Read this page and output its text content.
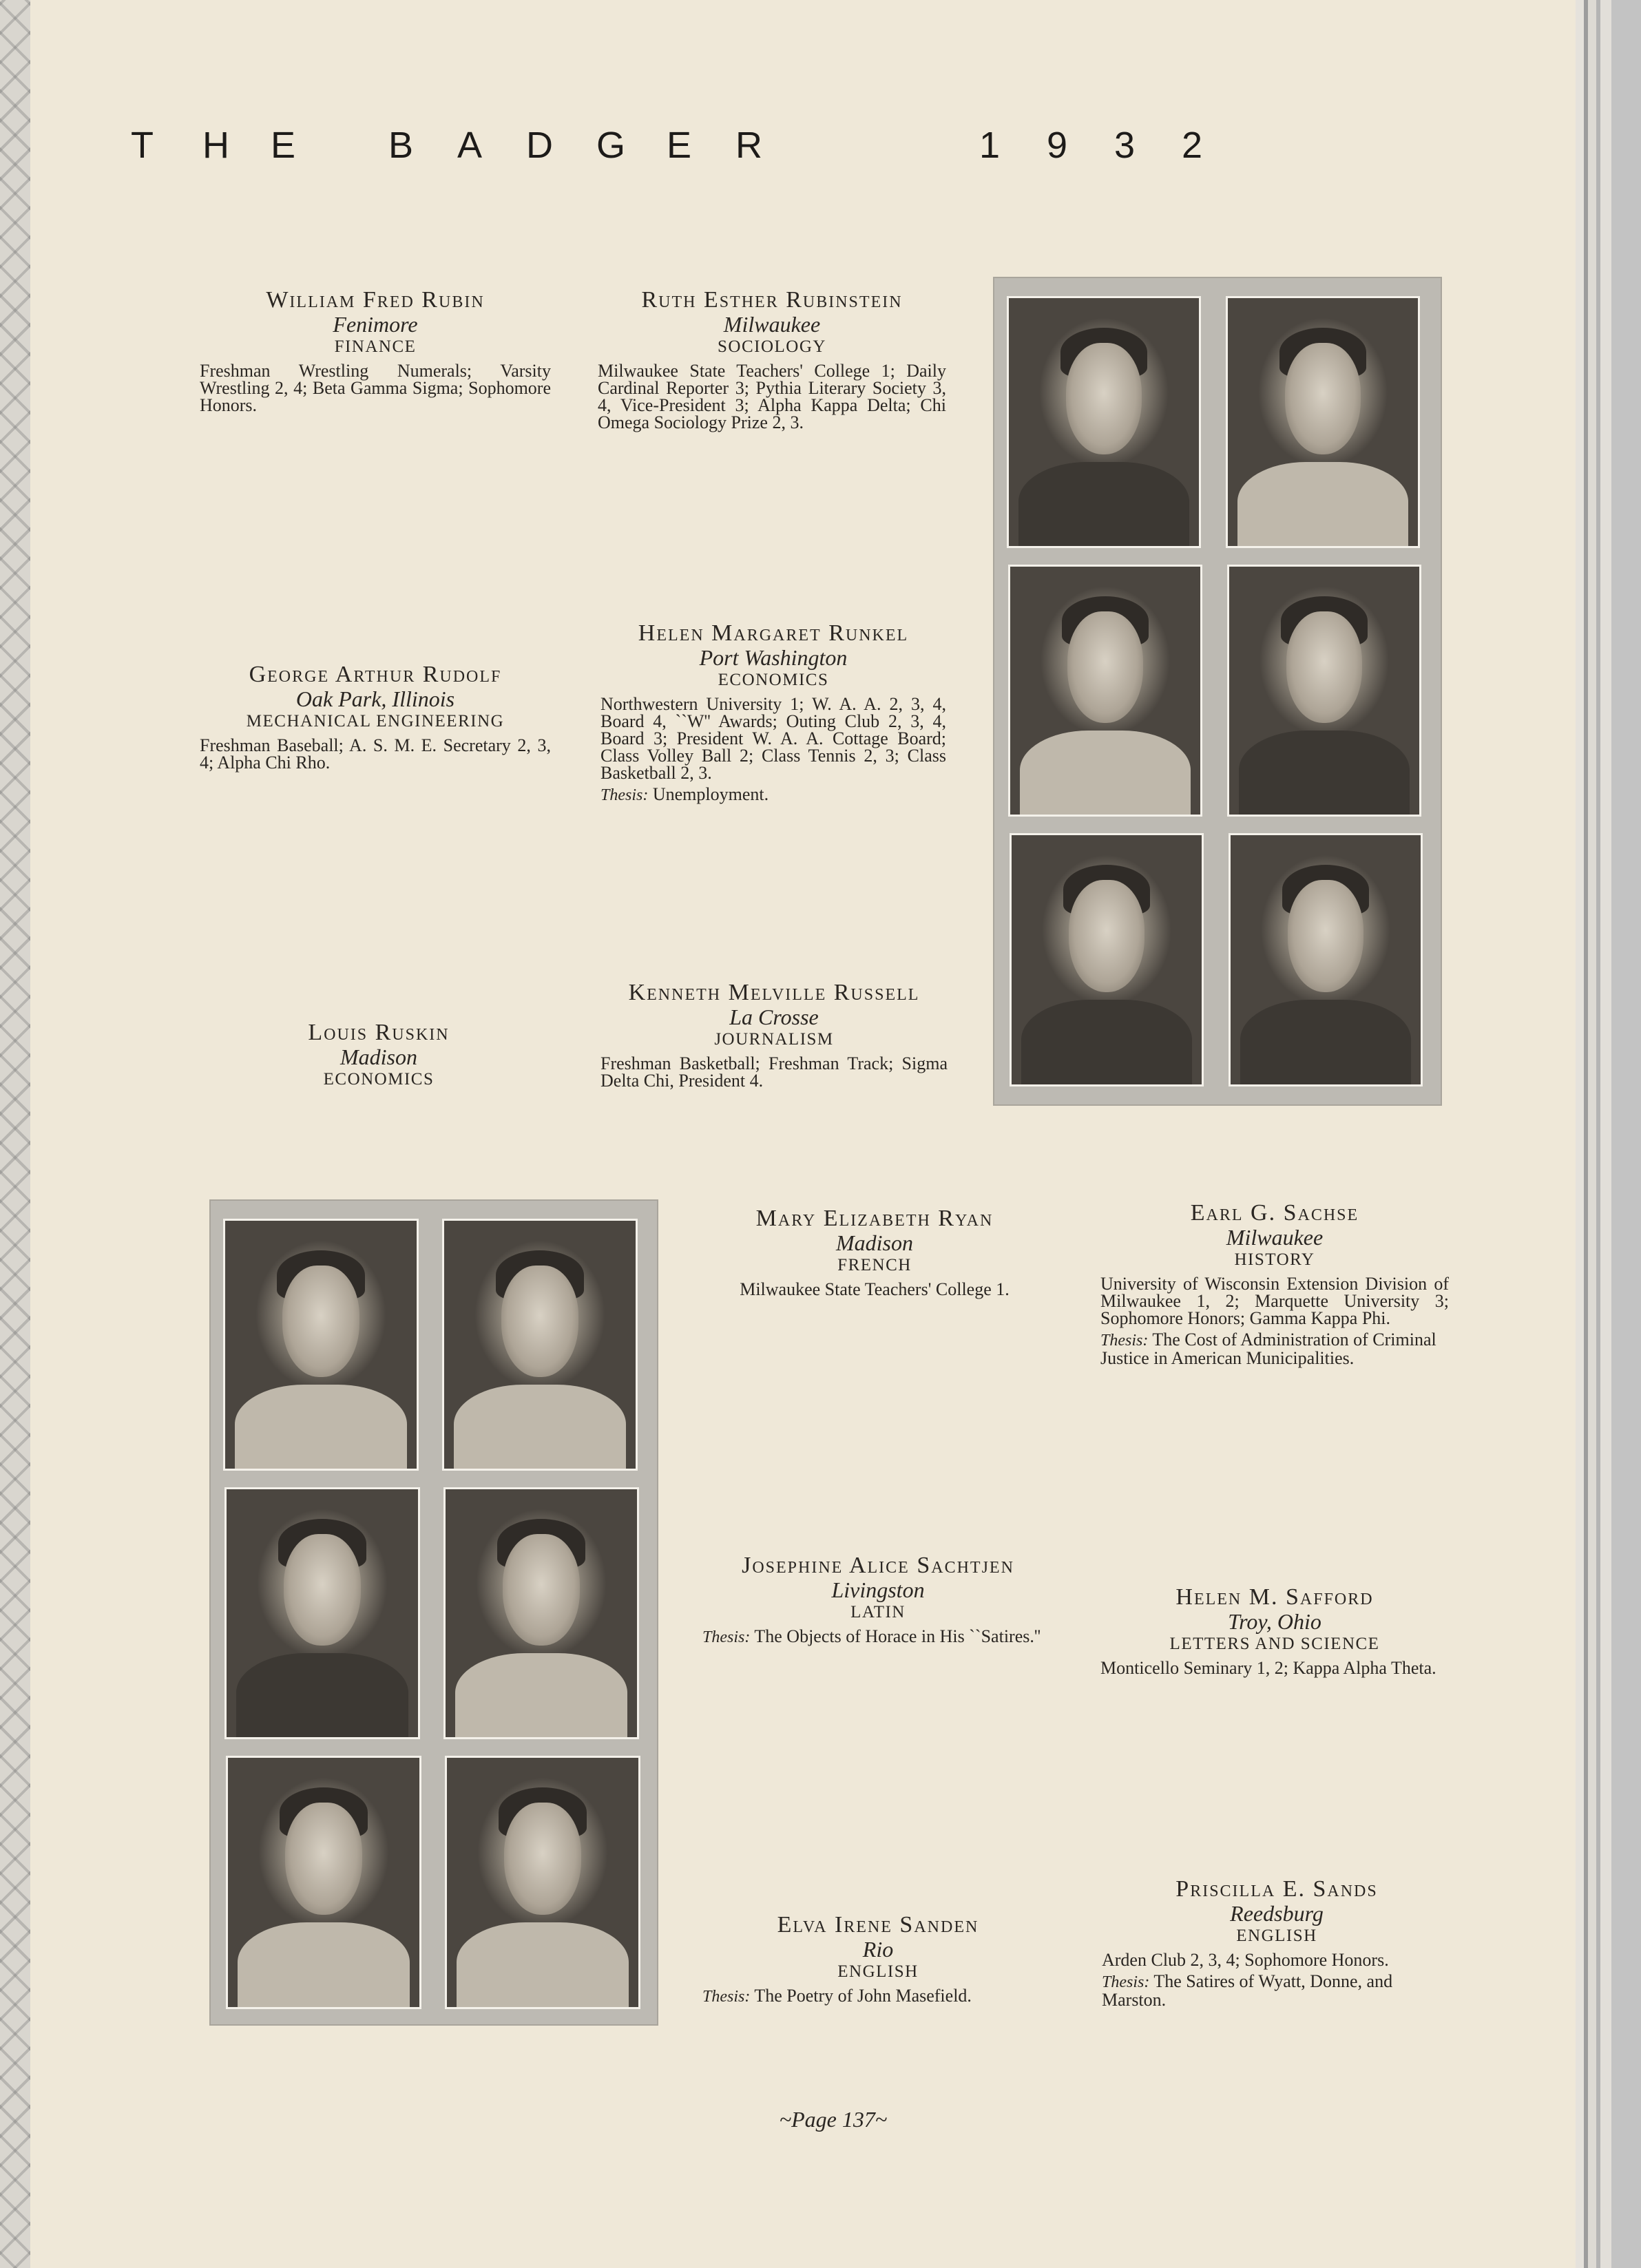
T H E B A D G E R	1 9 3 2
William Fred Rubin
Fenimore
FINANCE
Freshman Wrestling Numerals; Varsity Wrestling 2, 4; Beta Gamma Sigma; Sophomore Honors.
Ruth Esther Rubinstein
Milwaukee
SOCIOLOGY
Milwaukee State Teachers' College 1; Daily Cardinal Reporter 3; Pythia Literary Society 3, 4, Vice-President 3; Alpha Kappa Delta; Chi Omega Sociology Prize 2, 3.
George Arthur Rudolf
Oak Park, Illinois
MECHANICAL ENGINEERING
Freshman Baseball; A. S. M. E. Secretary 2, 3, 4; Alpha Chi Rho.
Helen Margaret Runkel
Port Washington
ECONOMICS
Northwestern University 1; W. A. A. 2, 3, 4, Board 4, ``W'' Awards; Outing Club 2, 3, 4, Board 3; President W. A. A. Cottage Board; Class Volley Ball 2; Class Tennis 2, 3; Class Basketball 2, 3.
Thesis: Unemployment.
Louis Ruskin
Madison
ECONOMICS
Kenneth Melville Russell
La Crosse
JOURNALISM
Freshman Basketball; Freshman Track; Sigma Delta Chi, President 4.
Mary Elizabeth Ryan
Madison
FRENCH
Milwaukee State Teachers' College 1.
Earl G. Sachse
Milwaukee
HISTORY
University of Wisconsin Extension Division of Milwaukee 1, 2; Marquette University 3; Sophomore Honors; Gamma Kappa Phi.
Thesis: The Cost of Administration of Criminal Justice in American Municipalities.
Josephine Alice Sachtjen
Livingston
LATIN
Thesis: The Objects of Horace in His ``Satires.''
Helen M. Safford
Troy, Ohio
LETTERS AND SCIENCE
Monticello Seminary 1, 2; Kappa Alpha Theta.
Elva Irene Sanden
Rio
ENGLISH
Thesis: The Poetry of John Masefield.
Priscilla E. Sands
Reedsburg
ENGLISH
Arden Club 2, 3, 4; Sophomore Honors.
Thesis: The Satires of Wyatt, Donne, and Marston.
~Page 137~
